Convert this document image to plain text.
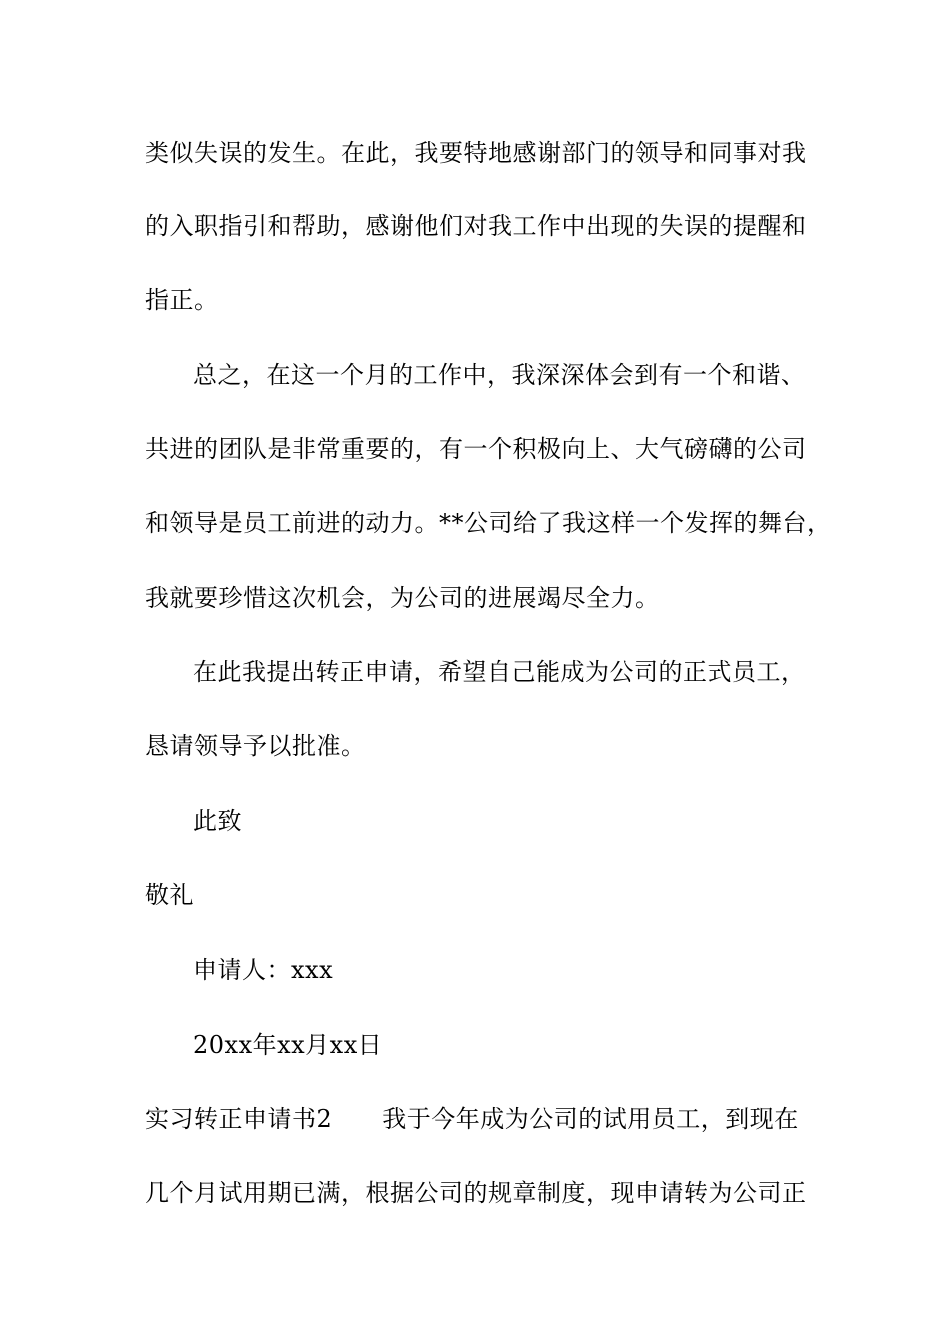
类似失误的发生。在此，我要特地感谢部门的领导和同事对我
的入职指引和帮助，感谢他们对我工作中出现的失误的提醒和
指正。
总之，在这一个月的工作中，我深深体会到有一个和谐、
共进的团队是非常重要的，有一个积极向上、大气磅礴的公司
和领导是员工前进的动力。**公司给了我这样一个发挥的舞台，
我就要珍惜这次机会，为公司的进展竭尽全力。
在此我提出转正申请，希望自己能成为公司的正式员工，
恳请领导予以批准。
此致
敬礼
申请人：xxx
20xx年xx月xx日
实习转正申请书2 我于今年成为公司的试用员工，到现在
几个月试用期已满，根据公司的规章制度，现申请转为公司正
